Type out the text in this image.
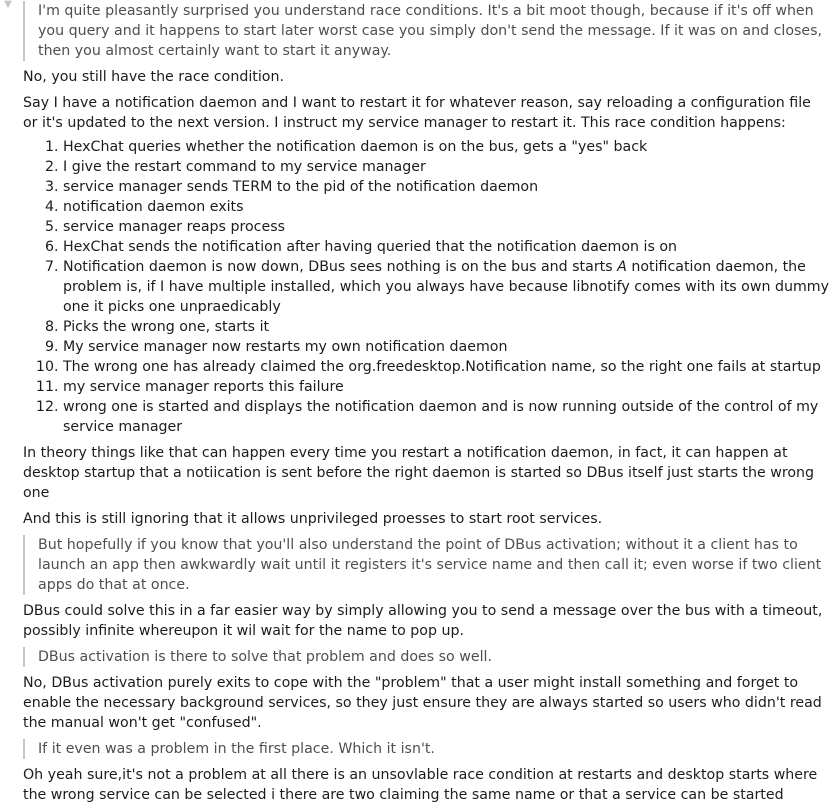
▼ I'm quite pleasantly surprised you understand race conditions. It's a bit moot though, because if it's off when you query and it happens to start later worst case you simply don't send the message. If it was on and closes, then you almost certainly want to start it anyway.

No, you still have the race condition.

Say I have a notification daemon and I want to restart it for whatever reason, say reloading a configuration file or it's updated to the next version. I instruct my service manager to restart it. This race condition happens:

1. HexChat queries whether the notification daemon is on the bus, gets a "yes" back
2. I give the restart command to my service manager
3. service manager sends TERM to the pid of the notification daemon
4. notification daemon exits
5. service manager reaps process
6. HexChat sends the notification after having queried that the notification daemon is on
7. Notification daemon is now down, DBus sees nothing is on the bus and starts A notification daemon, the problem is, if I have multiple installed, which you always have because libnotify comes with its own dummy one it picks one unpraedicably
8. Picks the wrong one, starts it
9. My service manager now restarts my own notification daemon
10. The wrong one has already claimed the org.freedesktop.Notification name, so the right one fails at startup
11. my service manager reports this failure
12. wrong one is started and displays the notification daemon and is now running outside of the control of my service manager

In theory things like that can happen every time you restart a notification daemon, in fact, it can happen at desktop startup that a notiication is sent before the right daemon is started so DBus itself just starts the wrong one

And this is still ignoring that it allows unprivileged proesses to start root services.

But hopefully if you know that you'll also understand the point of DBus activation; without it a client has to launch an app then awkwardly wait until it registers it's service name and then call it; even worse if two client apps do that at once.

DBus could solve this in a far easier way by simply allowing you to send a message over the bus with a timeout, possibly infinite whereupon it wil wait for the name to pop up.

DBus activation is there to solve that problem and does so well.

No, DBus activation purely exits to cope with the "problem" that a user might install something and forget to enable the necessary background services, so they just ensure they are always started so users who didn't read the manual won't get "confused".

If it even was a problem in the first place. Which it isn't.

Oh yeah sure,it's not a problem at all there is an unsovlable race condition at restarts and desktop starts where the wrong service can be selected i there are two claiming the same name or that a service can be started
